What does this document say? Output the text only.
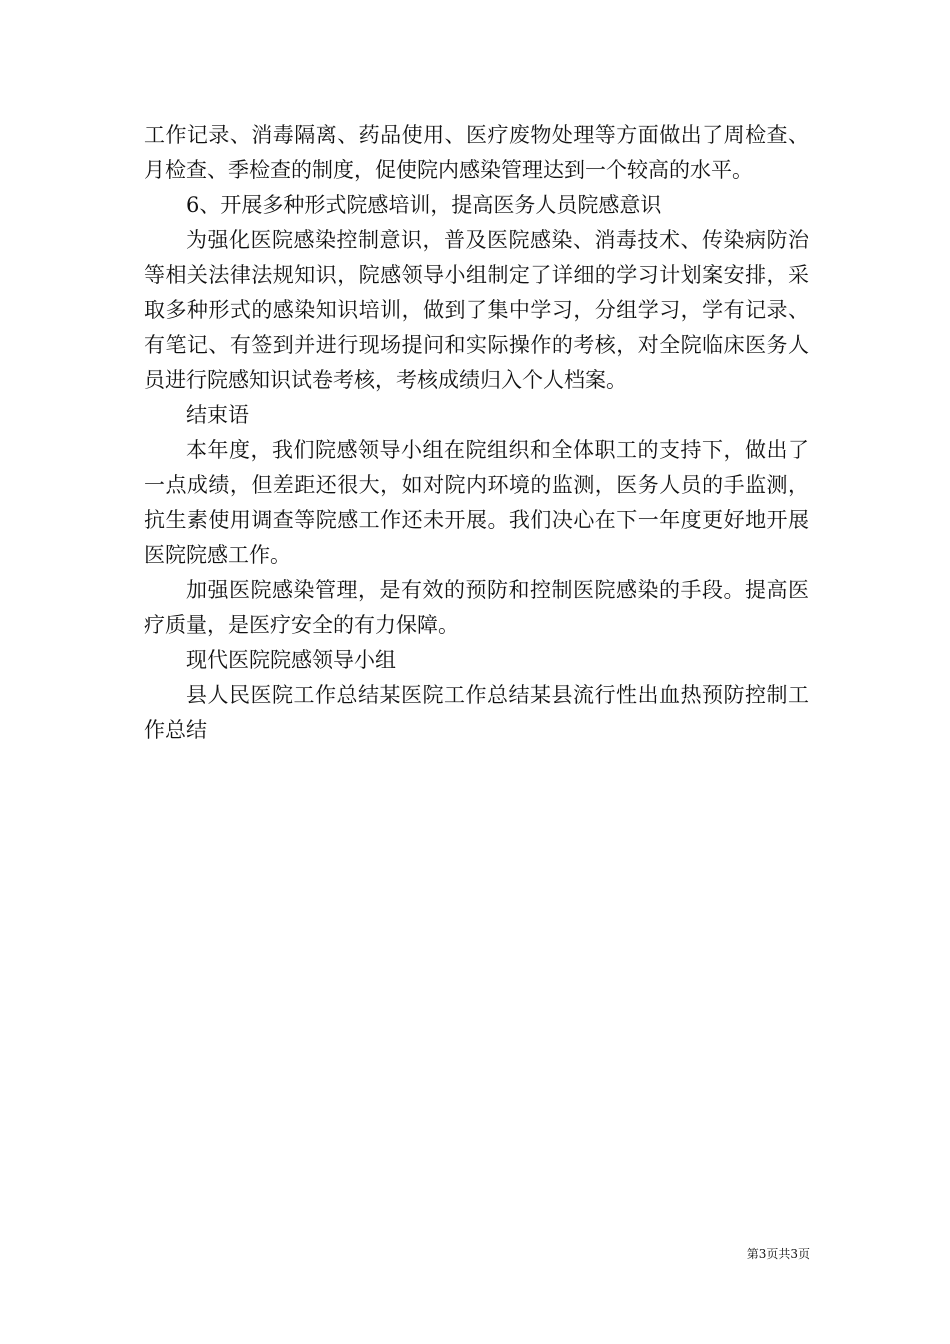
工作记录、消毒隔离、药品使用、医疗废物处理等方面做出了周检查、月检查、季检查的制度，促使院内感染管理达到一个较高的水平。

6、开展多种形式院感培训，提高医务人员院感意识

为强化医院感染控制意识，普及医院感染、消毒技术、传染病防治等相关法律法规知识，院感领导小组制定了详细的学习计划案安排，采取多种形式的感染知识培训，做到了集中学习，分组学习，学有记录、有笔记、有签到并进行现场提问和实际操作的考核，对全院临床医务人员进行院感知识试卷考核，考核成绩归入个人档案。

结束语

本年度，我们院感领导小组在院组织和全体职工的支持下，做出了一点成绩，但差距还很大，如对院内环境的监测，医务人员的手监测，抗生素使用调查等院感工作还未开展。我们决心在下一年度更好地开展医院院感工作。

加强医院感染管理，是有效的预防和控制医院感染的手段。提高医疗质量，是医疗安全的有力保障。

现代医院院感领导小组

县人民医院工作总结某医院工作总结某县流行性出血热预防控制工作总结

第3页共3页
